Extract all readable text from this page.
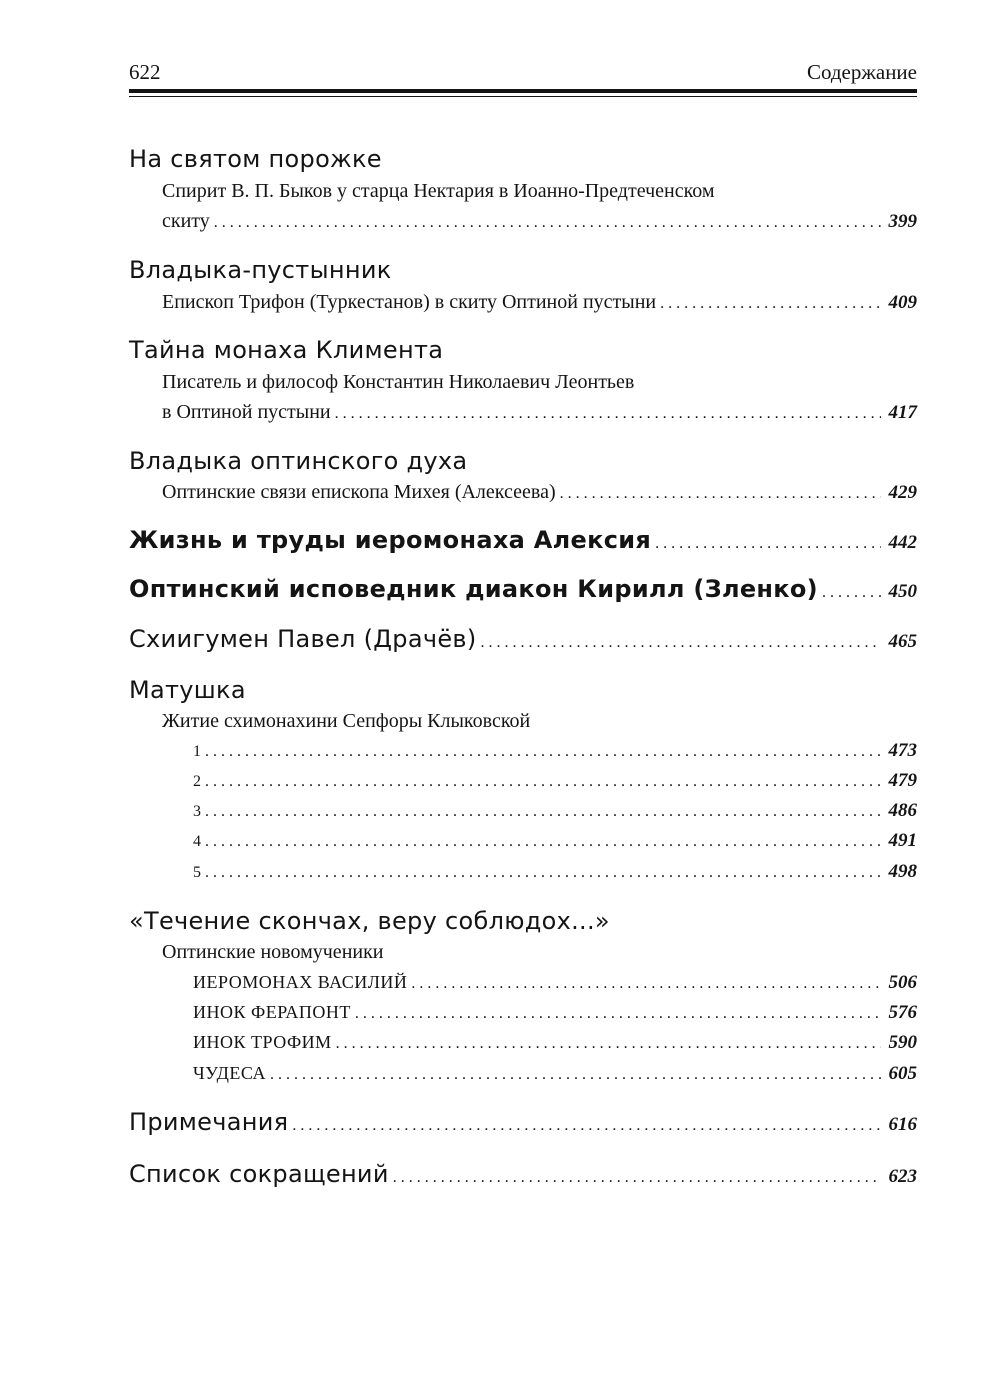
622	Содержание
На святом порожке
Спирит В. П. Быков у старца Нектария в Иоанно-Предтеченском
скиту . . .	399
Владыка-пустынник
Епископ Трифон (Туркестанов) в скиту Оптиной пустыни . . .	409
Тайна монаха Климента
Писатель и философ Константин Николаевич Леонтьев
в Оптиной пустыни . . .	417
Владыка оптинского духа
Оптинские связи епископа Михея (Алексеева) . . .	429
Жизнь и труды иеромонаха Алексия . . .	442
Оптинский исповедник диакон Кирилл (Зленко) . . .	450
Схиигумен Павел (Драчёв) . . .	465
Матушка
Житие схимонахини Сепфоры Клыковской
1 . . .	473
2 . . .	479
3 . . .	486
4 . . .	491
5 . . .	498
«Течение скончах, веру соблюдох...»
Оптинские новомученики
ИЕРОМОНАХ ВАСИЛИЙ . . .	506
ИНОК ФЕРАПОНТ . . .	576
ИНОК ТРОФИМ . . .	590
ЧУДЕСА . . .	605
Примечания . . .	616
Список сокращений . . .	623
